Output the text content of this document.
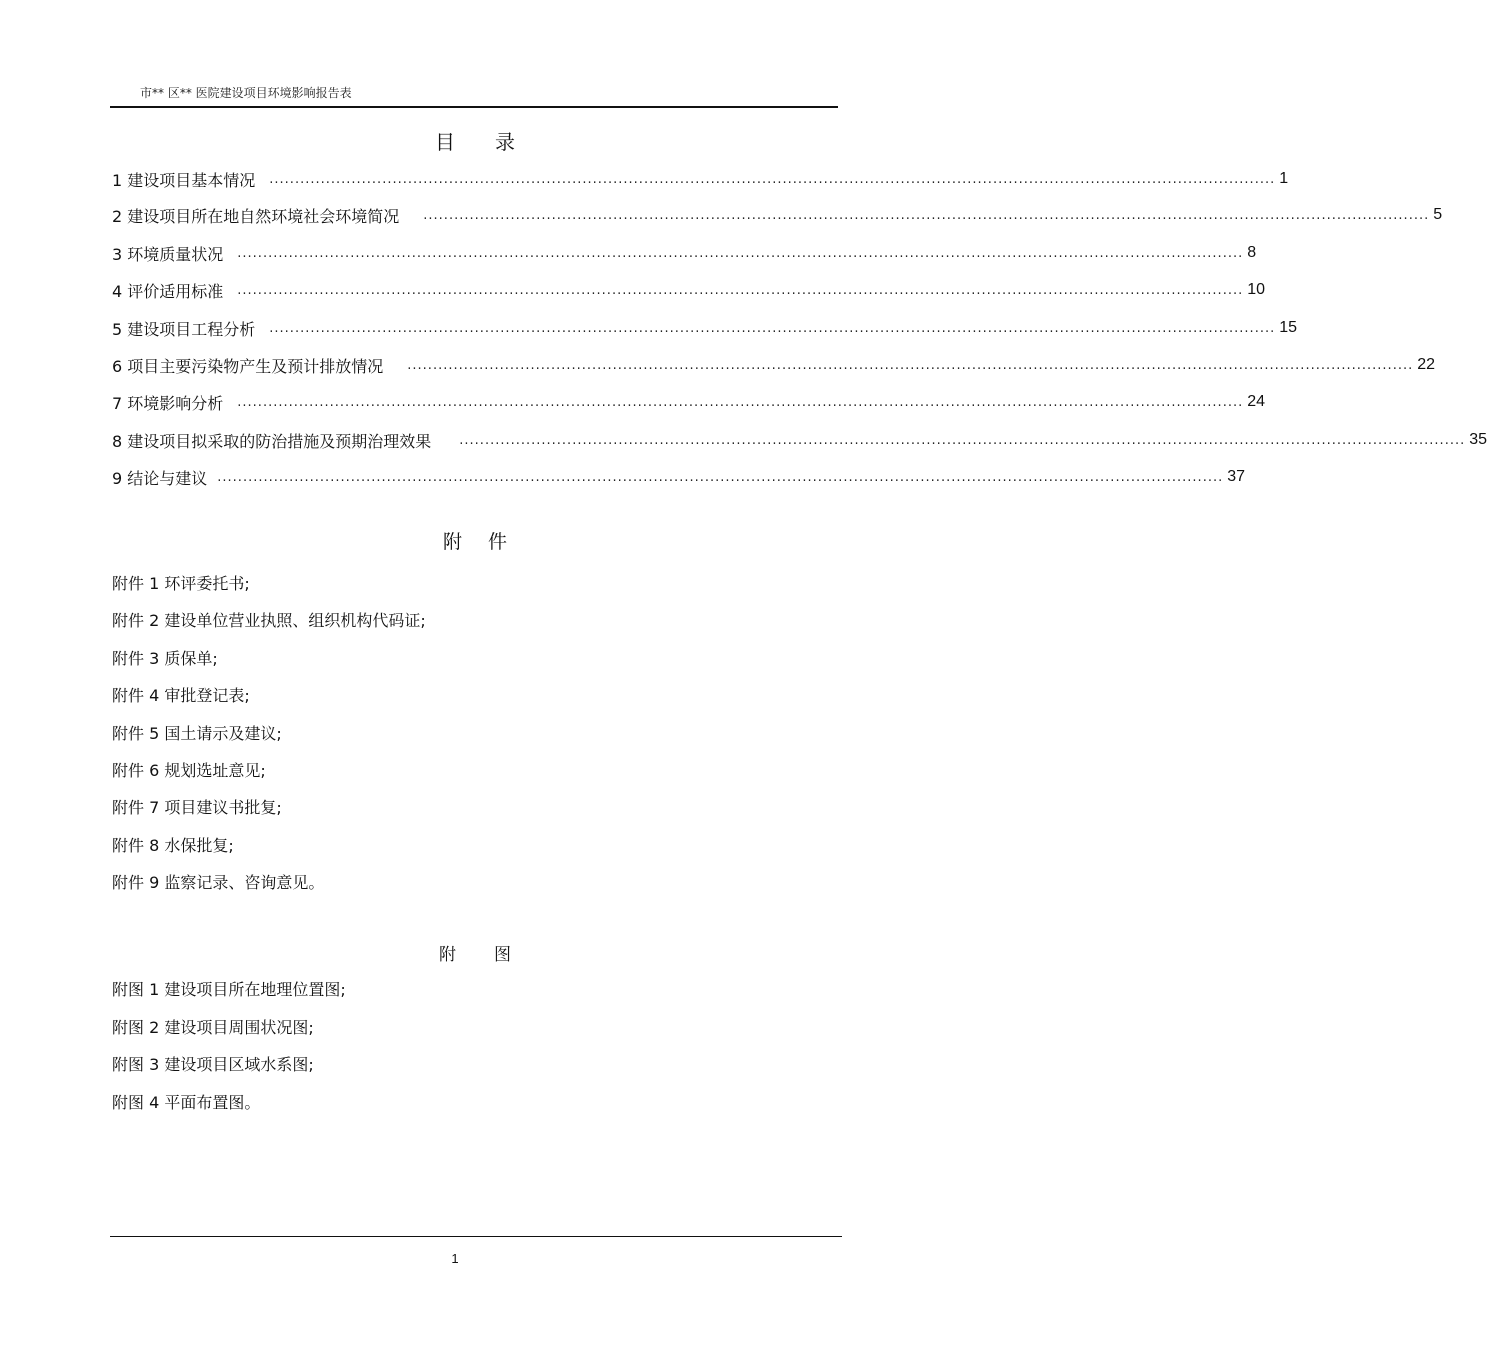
市** 区** 医院建设项目环境影响报告表
目录
1 建设项目基本情况 .................................................................................................................................................................................................... 1
2 建设项目所在地自然环境社会环境简况 .................................................................................................................................................................................................... 5
3 环境质量状况 .................................................................................................................................................................................................... 8
4 评价适用标准 .................................................................................................................................................................................................... 10
5 建设项目工程分析 .................................................................................................................................................................................................... 15
6 项目主要污染物产生及预计排放情况 .................................................................................................................................................................................................... 22
7 环境影响分析 .................................................................................................................................................................................................... 24
8 建设项目拟采取的防治措施及预期治理效果 .................................................................................................................................................................................................... 35
9 结论与建议 .................................................................................................................................................................................................... 37
附件
附件 1 环评委托书;
附件 2 建设单位营业执照、组织机构代码证;
附件 3 质保单;
附件 4 审批登记表;
附件 5 国土请示及建议;
附件 6 规划选址意见;
附件 7 项目建议书批复;
附件 8 水保批复;
附件 9 监察记录、咨询意见。
附图
附图 1 建设项目所在地理位置图;
附图 2 建设项目周围状况图;
附图 3 建设项目区域水系图;
附图 4 平面布置图。
1
